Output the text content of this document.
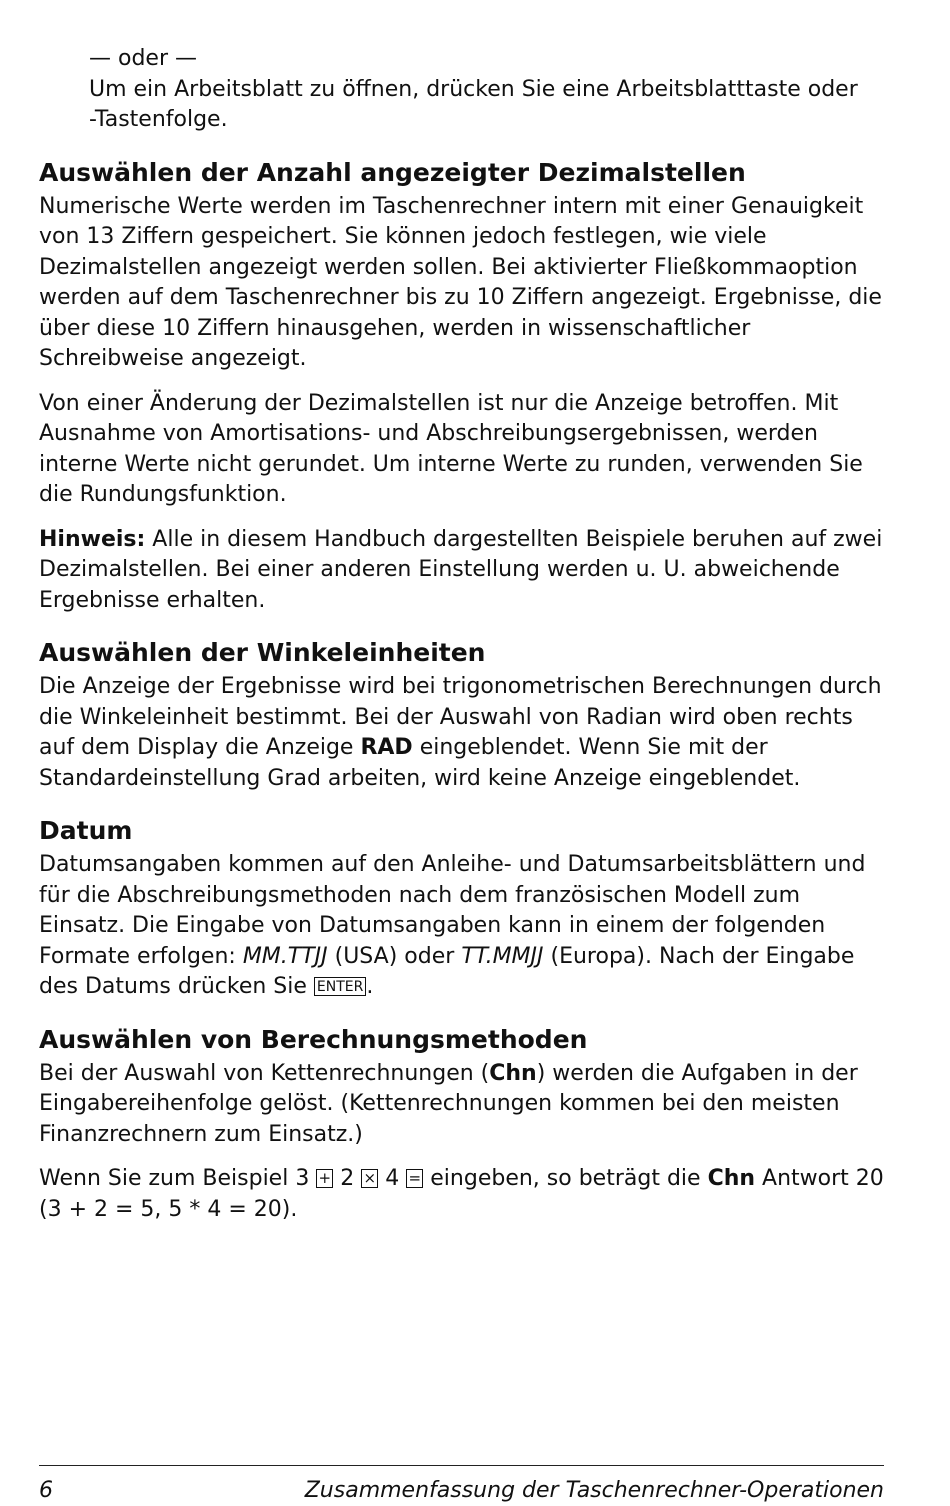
— oder —

Um ein Arbeitsblatt zu öffnen, drücken Sie eine Arbeitsblatttaste oder -Tastenfolge.

Auswählen der Anzahl angezeigter Dezimalstellen

Numerische Werte werden im Taschenrechner intern mit einer Genauigkeit von 13 Ziffern gespeichert. Sie können jedoch festlegen, wie viele Dezimalstellen angezeigt werden sollen. Bei aktivierter Fließkommaoption werden auf dem Taschenrechner bis zu 10 Ziffern angezeigt. Ergebnisse, die über diese 10 Ziffern hinausgehen, werden in wissenschaftlicher Schreibweise angezeigt.

Von einer Änderung der Dezimalstellen ist nur die Anzeige betroffen. Mit Ausnahme von Amortisations- und Abschreibungsergebnissen, werden interne Werte nicht gerundet. Um interne Werte zu runden, verwenden Sie die Rundungsfunktion.

Hinweis: Alle in diesem Handbuch dargestellten Beispiele beruhen auf zwei Dezimalstellen. Bei einer anderen Einstellung werden u. U. abweichende Ergebnisse erhalten.

Auswählen der Winkeleinheiten

Die Anzeige der Ergebnisse wird bei trigonometrischen Berechnungen durch die Winkeleinheit bestimmt. Bei der Auswahl von Radian wird oben rechts auf dem Display die Anzeige RAD eingeblendet. Wenn Sie mit der Standardeinstellung Grad arbeiten, wird keine Anzeige eingeblendet.

Datum

Datumsangaben kommen auf den Anleihe- und Datumsarbeitsblättern und für die Abschreibungsmethoden nach dem französischen Modell zum Einsatz. Die Eingabe von Datumsangaben kann in einem der folgenden Formate erfolgen: MM.TTJJ (USA) oder TT.MMJJ (Europa). Nach der Eingabe des Datums drücken Sie ENTER .

Auswählen von Berechnungsmethoden

Bei der Auswahl von Kettenrechnungen (Chn) werden die Aufgaben in der Eingabereihenfolge gelöst. (Kettenrechnungen kommen bei den meisten Finanzrechnern zum Einsatz.)

Wenn Sie zum Beispiel 3 + 2 × 4 = eingeben, so beträgt die Chn Antwort 20 (3 + 2 = 5, 5 * 4 = 20).

6	Zusammenfassung der Taschenrechner-Operationen
